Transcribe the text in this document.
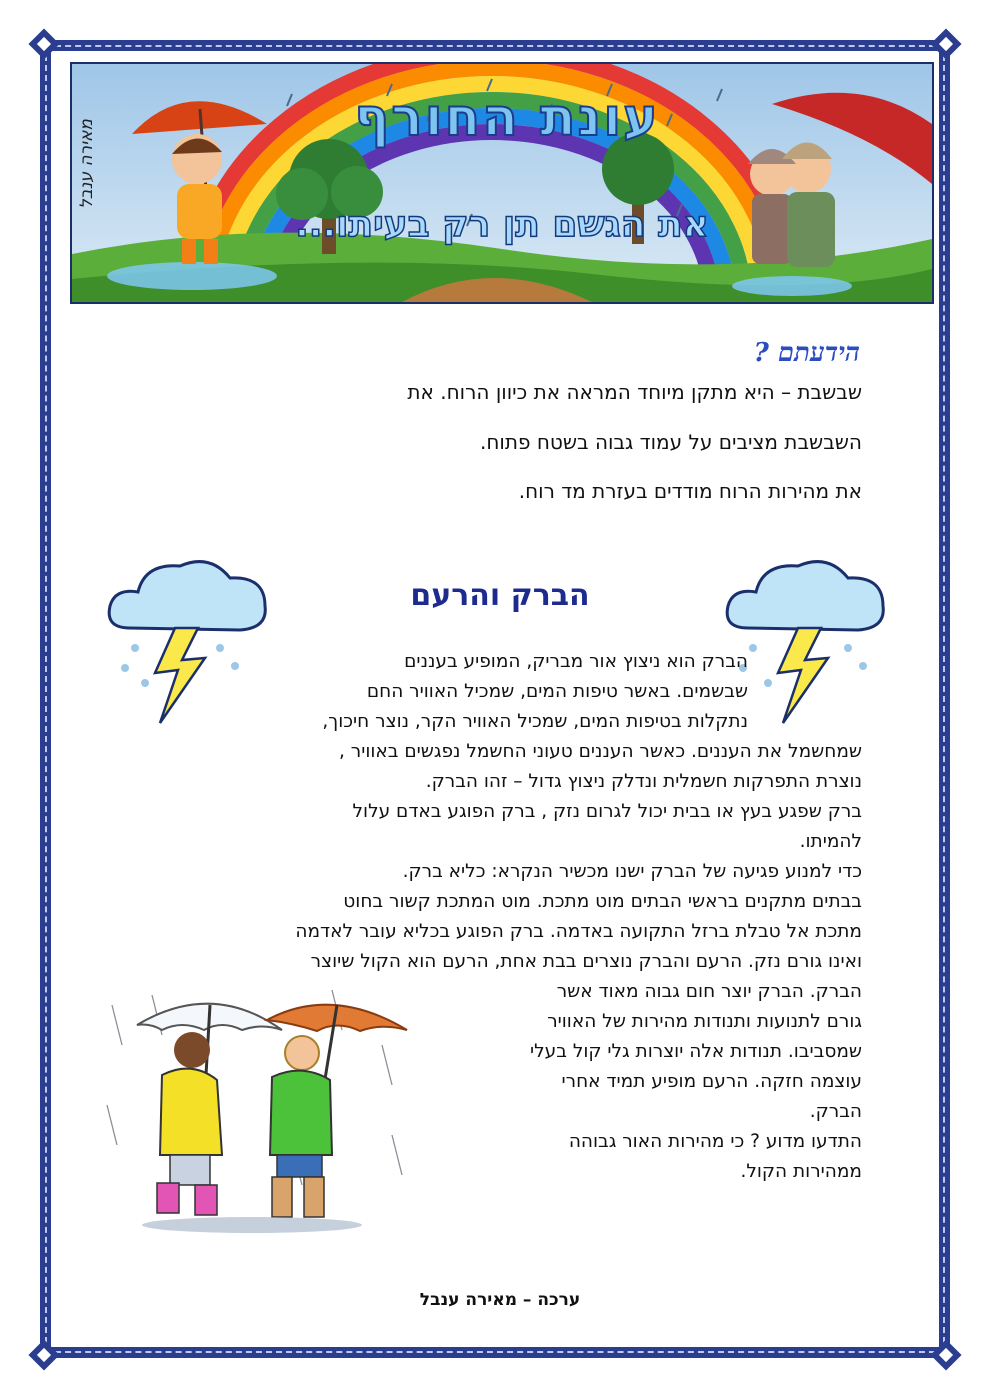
עונת החורף
את הגשם תן רק בעיתו...
מאירה ענבל
הידעתם ?
שבשבת – היא מתקן מיוחד המראה את כיוון הרוח. את
השבשבת מציבים על עמוד גבוה בשטח פתוח.
את מהירות הרוח מודדים בעזרת מד רוח.
הברק והרעם
הברק הוא ניצוץ אור מבריק, המופיע בעננים
שבשמים. באשר טיפות המים, שמכיל האוויר החם
נתקלות בטיפות המים, שמכיל האוויר הקר, נוצר חיכוך,
שמחשמל את העננים. כאשר העננים טעוני החשמל נפגשים באוויר ,
נוצרת התפרקות חשמלית ונדלק ניצוץ גדול – זהו הברק.
ברק שפגע בעץ או בבית יכול לגרום נזק , ברק הפוגע באדם עלול
להמיתו.
כדי למנוע פגיעה של הברק ישנו מכשיר הנקרא: כליא ברק.
בבתים מתקנים בראשי הבתים מוט מתכת. מוט המתכת קשור בחוט
מתכת אל טבלת ברזל התקועה באדמה. ברק הפוגע בכליא עובר לאדמה
ואינו גורם נזק. הרעם והברק נוצרים בבת אחת, הרעם הוא הקול שיוצר
הברק. הברק יוצר חום גבוה מאוד אשר
גורם לתנועות ותנודות מהירות של האוויר
שמסביבו. תנודות אלה יוצרות גלי קול בעלי
עוצמה חזקה. הרעם מופיע תמיד אחרי
הברק.
התדעו מדוע ? כי מהירות האור גבוהה
ממהירות הקול.
ערכה – מאירה ענבל
